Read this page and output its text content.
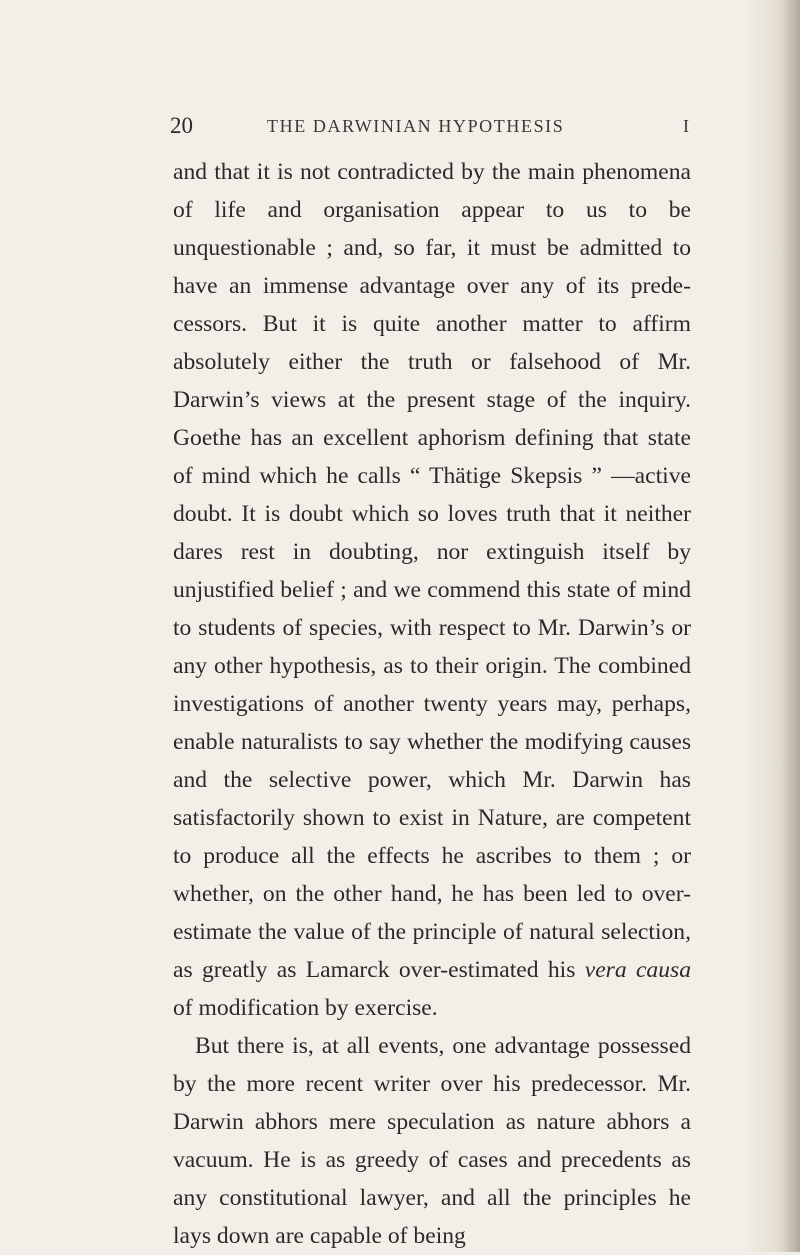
20	THE DARWINIAN HYPOTHESIS	I

and that it is not contradicted by the main phenomena of life and organisation appear to us to be unquestionable ; and, so far, it must be admitted to have an immense advantage over any of its predecessors. But it is quite another matter to affirm absolutely either the truth or falsehood of Mr. Darwin’s views at the present stage of the inquiry. Goethe has an excellent aphorism defining that state of mind which he calls “ Thätige Skepsis ” —active doubt. It is doubt which so loves truth that it neither dares rest in doubting, nor extinguish itself by unjustified belief ; and we commend this state of mind to students of species, with respect to Mr. Darwin’s or any other hypothesis, as to their origin. The combined investigations of another twenty years may, perhaps, enable naturalists to say whether the modifying causes and the selective power, which Mr. Darwin has satisfactorily shown to exist in Nature, are competent to produce all the effects he ascribes to them ; or whether, on the other hand, he has been led to over-estimate the value of the principle of natural selection, as greatly as Lamarck over-estimated his vera causa of modification by exercise.

But there is, at all events, one advantage possessed by the more recent writer over his predecessor. Mr. Darwin abhors mere speculation as nature abhors a vacuum. He is as greedy of cases and precedents as any constitutional lawyer, and all the principles he lays down are capable of being
